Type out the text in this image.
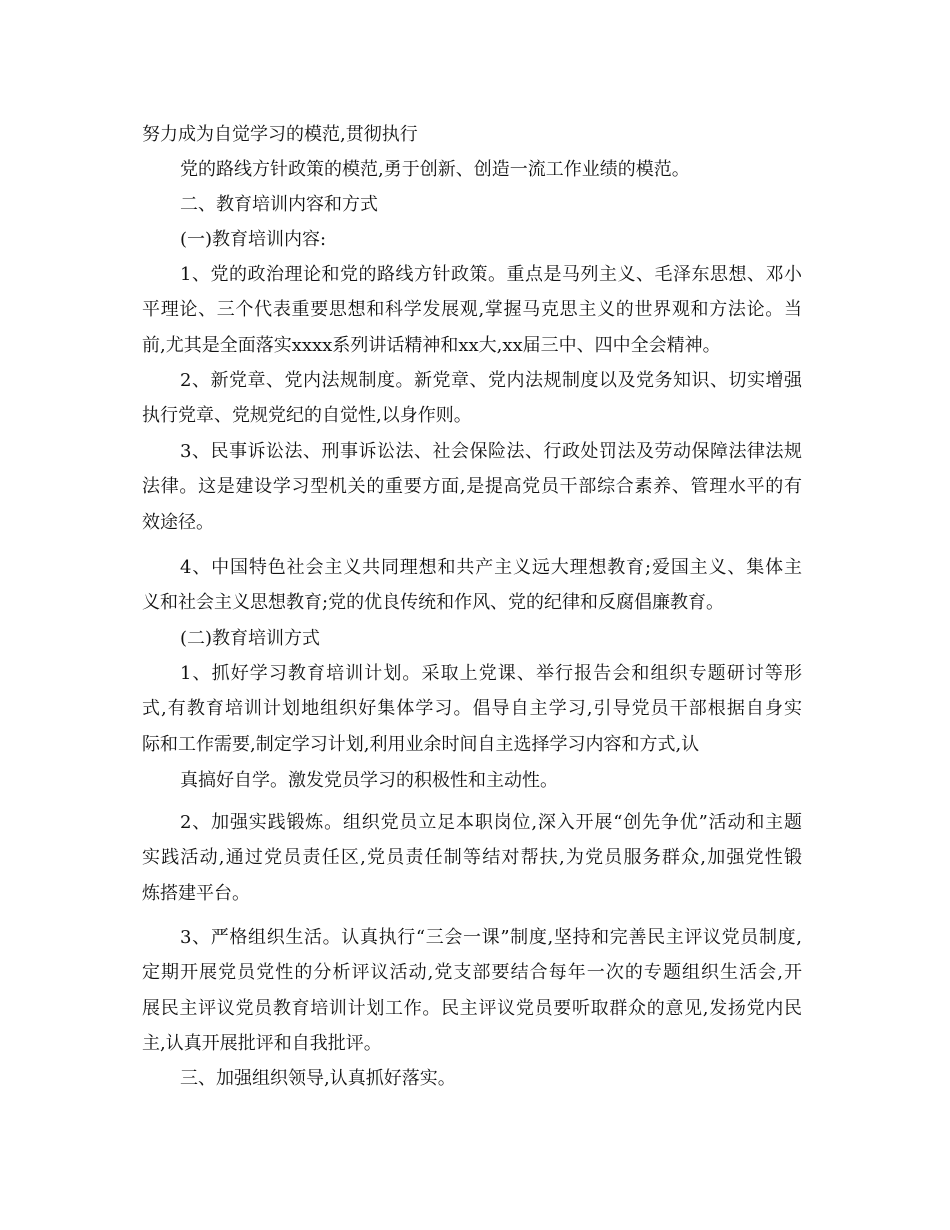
努力成为自觉学习的模范,贯彻执行
党的路线方针政策的模范,勇于创新、创造一流工作业绩的模范。
二、教育培训内容和方式
(一)教育培训内容:
1、党的政治理论和党的路线方针政策。重点是马列主义、毛泽东思想、邓小
平理论、三个代表重要思想和科学发展观,掌握马克思主义的世界观和方法论。当
前,尤其是全面落实xxxx系列讲话精神和xx大,xx届三中、四中全会精神。
2、新党章、党内法规制度。新党章、党内法规制度以及党务知识、切实增强
执行党章、党规党纪的自觉性,以身作则。
3、民事诉讼法、刑事诉讼法、社会保险法、行政处罚法及劳动保障法律法规
法律。这是建设学习型机关的重要方面,是提高党员干部综合素养、管理水平的有
效途径。
4、中国特色社会主义共同理想和共产主义远大理想教育;爱国主义、集体主
义和社会主义思想教育;党的优良传统和作风、党的纪律和反腐倡廉教育。
(二)教育培训方式
1、抓好学习教育培训计划。采取上党课、举行报告会和组织专题研讨等形
式,有教育培训计划地组织好集体学习。倡导自主学习,引导党员干部根据自身实
际和工作需要,制定学习计划,利用业余时间自主选择学习内容和方式,认
真搞好自学。激发党员学习的积极性和主动性。
2、加强实践锻炼。组织党员立足本职岗位,深入开展“创先争优”活动和主题
实践活动,通过党员责任区,党员责任制等结对帮扶,为党员服务群众,加强党性锻
炼搭建平台。
3、严格组织生活。认真执行“三会一课”制度,坚持和完善民主评议党员制度,
定期开展党员党性的分析评议活动,党支部要结合每年一次的专题组织生活会,开
展民主评议党员教育培训计划工作。民主评议党员要听取群众的意见,发扬党内民
主,认真开展批评和自我批评。
三、加强组织领导,认真抓好落实。
